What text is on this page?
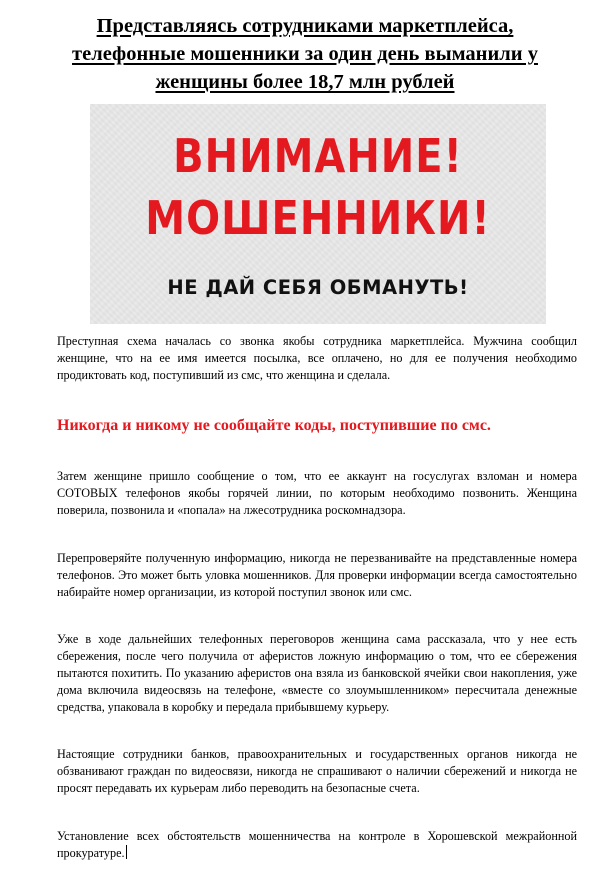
Представляясь сотрудниками маркетплейса, телефонные мошенники за один день выманили у женщины более 18,7 млн рублей
ВНИМАНИЕ!
МОШЕННИКИ!
НЕ ДАЙ СЕБЯ ОБМАНУТЬ!

Преступная схема началась со звонка якобы сотрудника маркетплейса. Мужчина сообщил женщине, что на ее имя имеется посылка, все оплачено, но для ее получения необходимо продиктовать код, поступивший из смс, что женщина и сделала.

Никогда и никому не сообщайте коды, поступившие по смс.

Затем женщине пришло сообщение о том, что ее аккаунт на госуслугах взломан и номера СОТОВЫХ телефонов якобы горячей линии, по которым необходимо позвонить. Женщина поверила, позвонила и «попала» на лжесотрудника роскомнадзора.

Перепроверяйте полученную информацию, никогда не перезванивайте на представленные номера телефонов. Это может быть уловка мошенников. Для проверки информации всегда самостоятельно набирайте номер организации, из которой поступил звонок или смс.

Уже в ходе дальнейших телефонных переговоров женщина сама рассказала, что у нее есть сбережения, после чего получила от аферистов ложную информацию о том, что ее сбережения пытаются похитить. По указанию аферистов она взяла из банковской ячейки свои накопления, уже дома включила видеосвязь на телефоне, «вместе со злоумышленником» пересчитала денежные средства, упаковала в коробку и передала прибывшему курьеру.

Настоящие сотрудники банков, правоохранительных и государственных органов никогда не обзванивают граждан по видеосвязи, никогда не спрашивают о наличии сбережений и никогда не просят передавать их курьерам либо переводить на безопасные счета.

Установление всех обстоятельств мошенничества на контроле в Хорошевской межрайонной прокуратуре.
